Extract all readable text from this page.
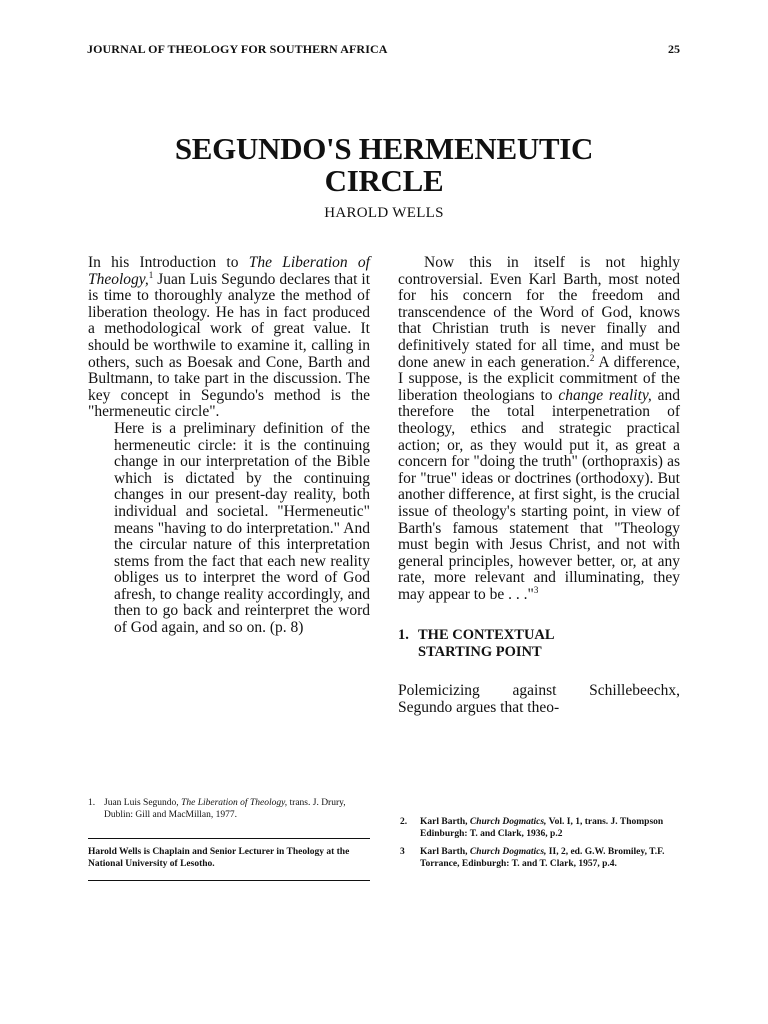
JOURNAL OF THEOLOGY FOR SOUTHERN AFRICA	25
SEGUNDO'S HERMENEUTIC
CIRCLE
HAROLD WELLS

In his Introduction to The Liberation of Theology,$^1$ Juan Luis Segundo declares that it is time to thoroughly analyze the method of liberation theology. He has in fact produced a methodological work of great value. It should be worthwile to examine it, calling in others, such as Boesak and Cone, Barth and Bultmann, to take part in the discussion. The key concept in Segundo's method is the "hermeneutic circle".

Here is a preliminary definition of the hermeneutic circle: it is the continuing change in our interpretation of the Bible which is dictated by the continuing changes in our present-day reality, both individual and societal. "Hermeneutic" means "having to do interpretation." And the circular nature of this interpretation stems from the fact that each new reality obliges us to interpret the word of God afresh, to change reality accordingly, and then to go back and reinterpret the word of God again, and so on. (p. 8)

Now this in itself is not highly controversial. Even Karl Barth, most noted for his concern for the freedom and transcendence of the Word of God, knows that Christian truth is never finally and definitively stated for all time, and must be done anew in each generation.$^2$ A difference, I suppose, is the explicit commitment of the liberation theologians to change reality, and therefore the total interpenetration of theology, ethics and strategic practical action; or, as they would put it, as great a concern for "doing the truth" (orthopraxis) as for "true" ideas or doctrines (orthodoxy). But another difference, at first sight, is the crucial issue of theology's starting point, in view of Barth's famous statement that "Theology must begin with Jesus Christ, and not with general principles, however better, or, at any rate, more relevant and illuminating, they may appear to be . . ."$^3$

1. THE CONTEXTUAL
STARTING POINT

Polemicizing against Schillebeechx, Segundo argues that theo-

1. Juan Luis Segundo, The Liberation of Theology, trans. J. Drury, Dublin: Gill and MacMillan, 1977.
Harold Wells is Chaplain and Senior Lecturer in Theology at the National University of Lesotho.
2.	Karl Barth, Church Dogmatics, Vol. I, 1, trans. J. Thompson Edinburgh: T. and Clark, 1936, p.2
3	Karl Barth, Church Dogmatics, II, 2, ed. G.W. Bromiley, T.F. Torrance, Edinburgh: T. and T. Clark, 1957, p.4.
